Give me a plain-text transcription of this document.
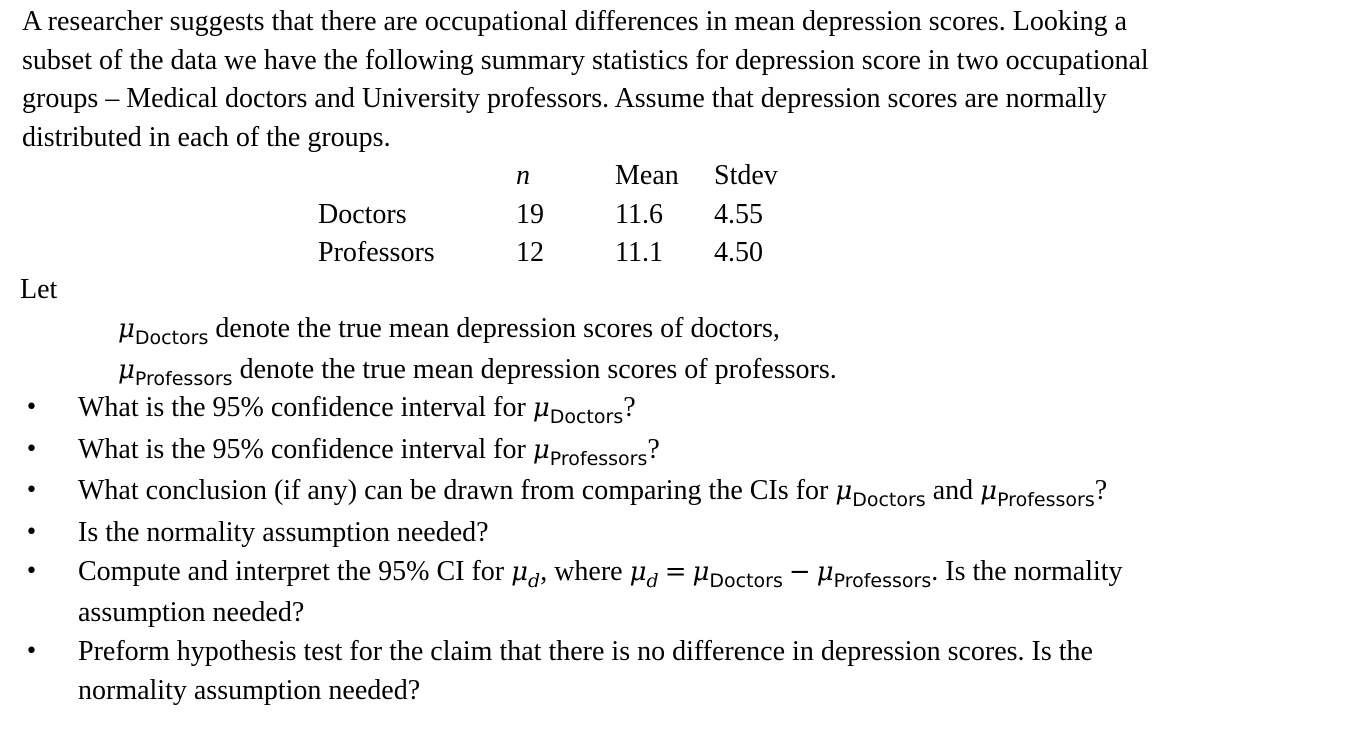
A researcher suggests that there are occupational differences in mean depression scores. Looking a
subset of the data we have the following summary statistics for depression score in two occupational
groups – Medical doctors and University professors. Assume that depression scores are normally
distributed in each of the groups.
	n	Mean	Stdev
Doctors	19	11.6	4.55
Professors	12	11.1	4.50
Let
$\mu_{Doctors}$ denote the true mean depression scores of doctors,
$\mu_{Professors}$ denote the true mean depression scores of professors.
• What is the 95% confidence interval for $\mu_{Doctors}$?
• What is the 95% confidence interval for $\mu_{Professors}$?
• What conclusion (if any) can be drawn from comparing the CIs for $\mu_{Doctors}$ and $\mu_{Professors}$?
• Is the normality assumption needed?
• Compute and interpret the 95% CI for $\mu_d$, where $\mu_d = \mu_{Doctors} - \mu_{Professors}$. Is the normality
assumption needed?
• Preform hypothesis test for the claim that there is no difference in depression scores. Is the
normality assumption needed?
